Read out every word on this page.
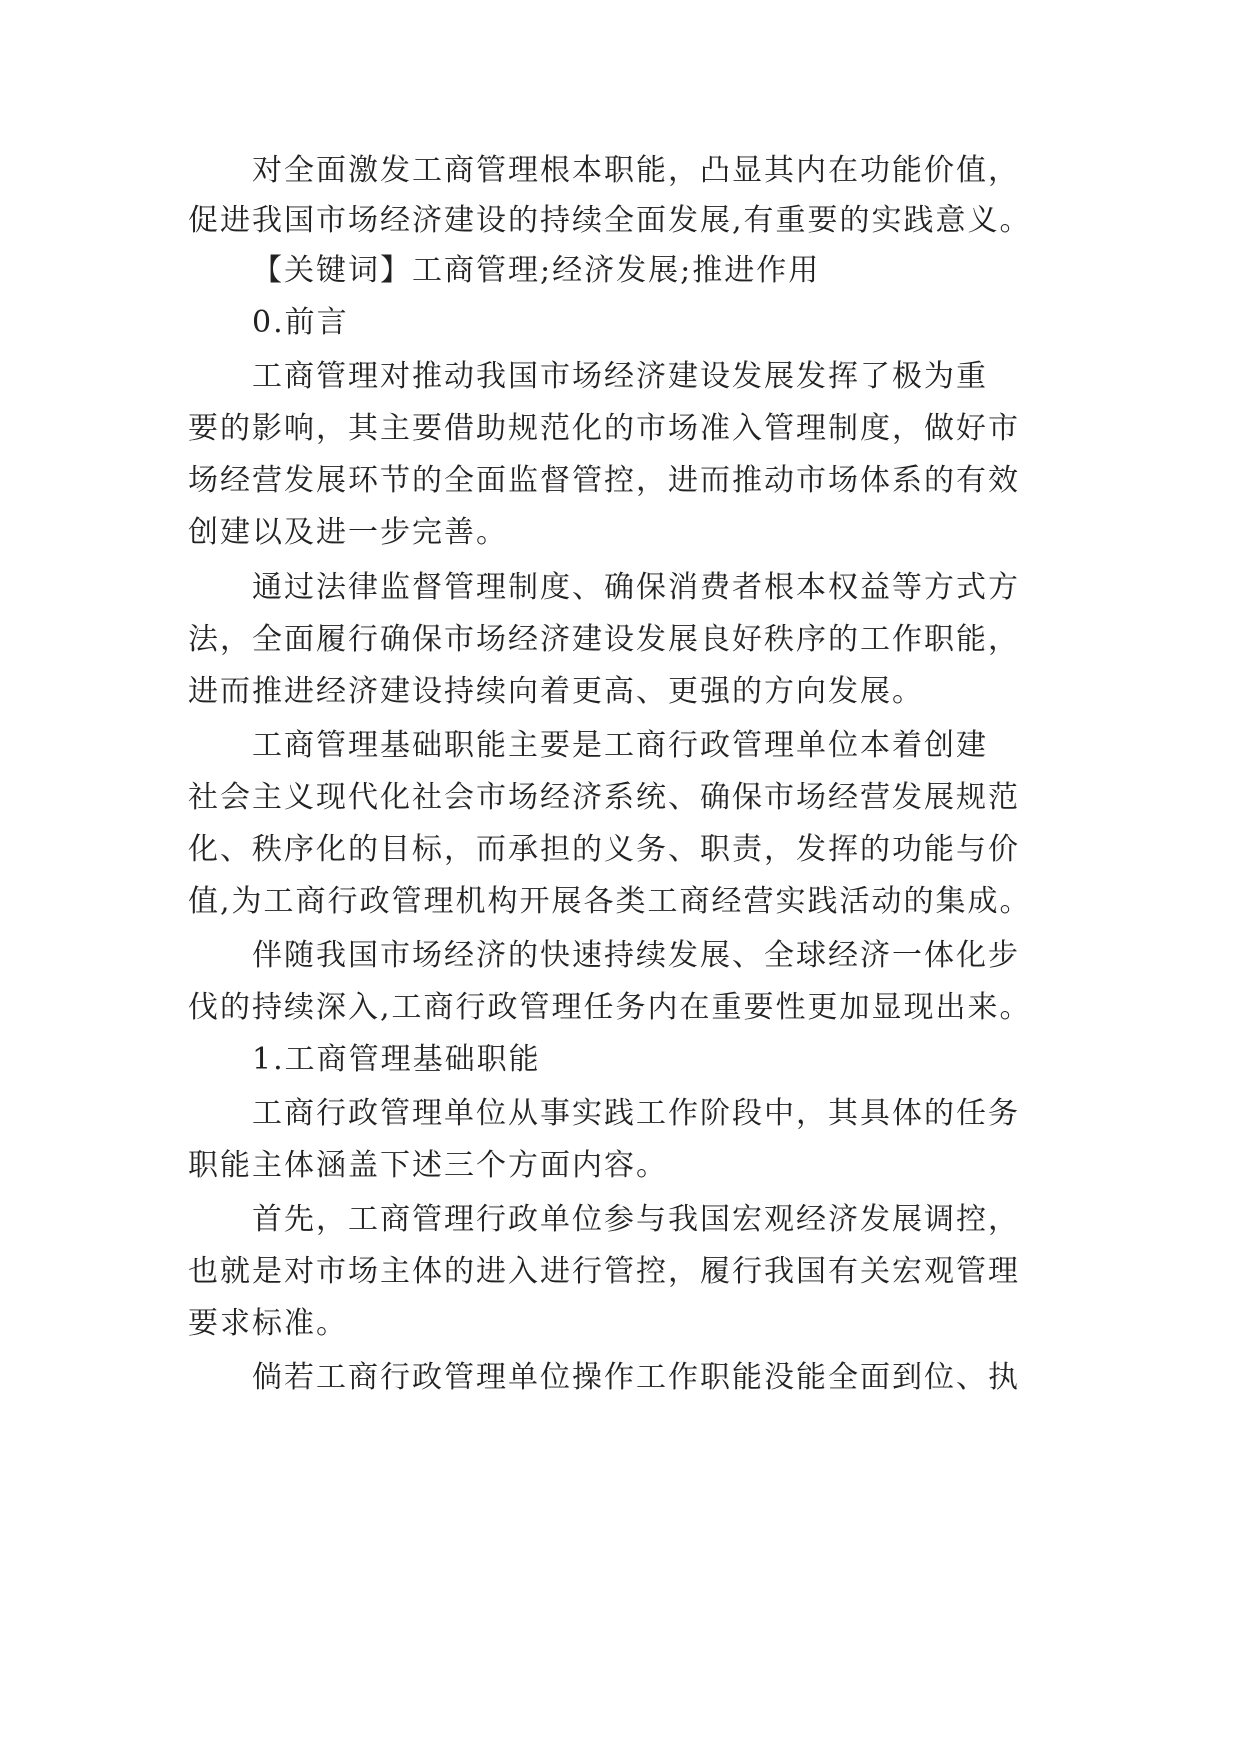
对全面激发工商管理根本职能，凸显其内在功能价值，
促进我国市场经济建设的持续全面发展,有重要的实践意义。
【关键词】工商管理;经济发展;推进作用
0.前言
工商管理对推动我国市场经济建设发展发挥了极为重
要的影响，其主要借助规范化的市场准入管理制度，做好市
场经营发展环节的全面监督管控，进而推动市场体系的有效
创建以及进一步完善。
通过法律监督管理制度、确保消费者根本权益等方式方
法，全面履行确保市场经济建设发展良好秩序的工作职能，
进而推进经济建设持续向着更高、更强的方向发展。
工商管理基础职能主要是工商行政管理单位本着创建
社会主义现代化社会市场经济系统、确保市场经营发展规范
化、秩序化的目标，而承担的义务、职责，发挥的功能与价
值,为工商行政管理机构开展各类工商经营实践活动的集成。
伴随我国市场经济的快速持续发展、全球经济一体化步
伐的持续深入,工商行政管理任务内在重要性更加显现出来。
1.工商管理基础职能
工商行政管理单位从事实践工作阶段中，其具体的任务
职能主体涵盖下述三个方面内容。
首先，工商管理行政单位参与我国宏观经济发展调控，
也就是对市场主体的进入进行管控，履行我国有关宏观管理
要求标准。
倘若工商行政管理单位操作工作职能没能全面到位、执
